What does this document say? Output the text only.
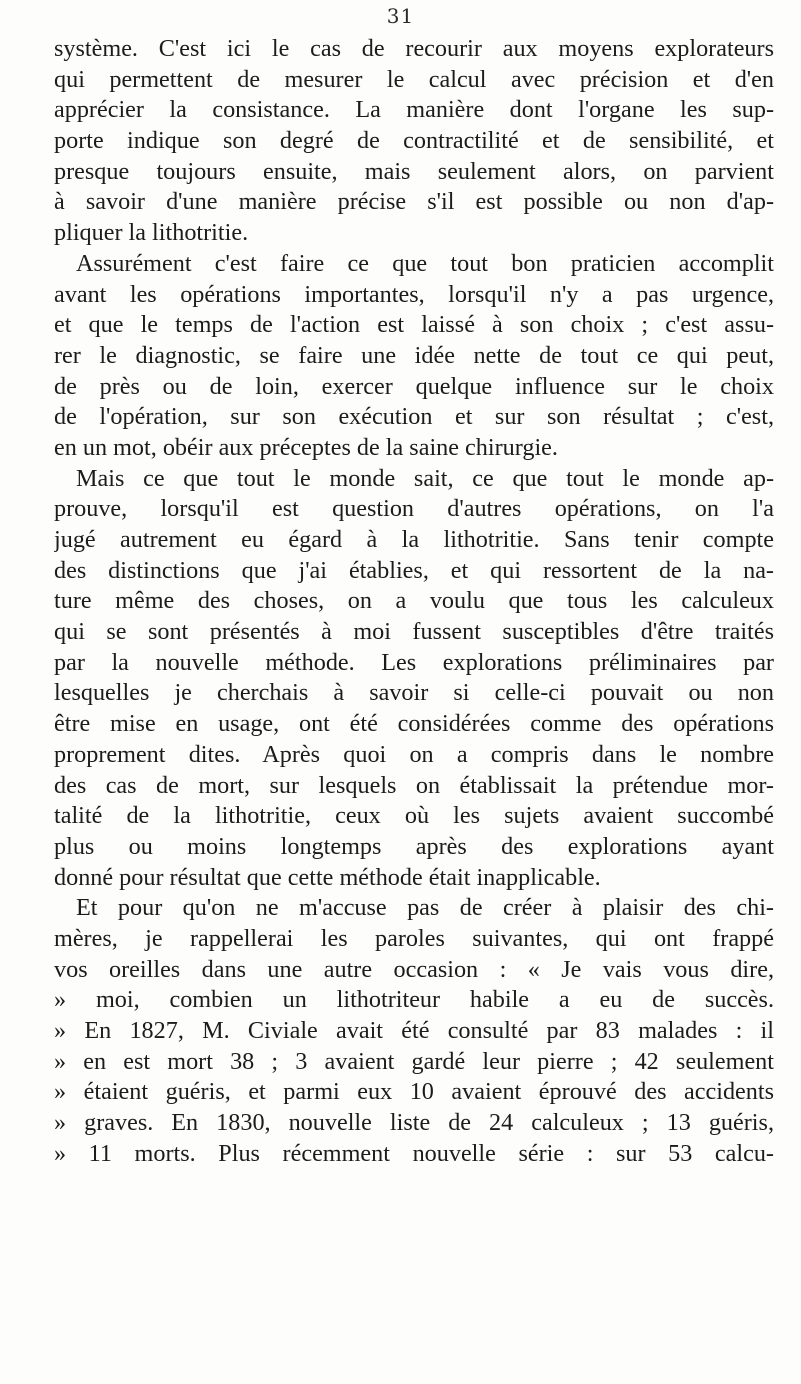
31
système. C'est ici le cas de recourir aux moyens explorateurs
qui permettent de mesurer le calcul avec précision et d'en
apprécier la consistance. La manière dont l'organe les sup-
porte indique son degré de contractilité et de sensibilité, et
presque toujours ensuite, mais seulement alors, on parvient
à savoir d'une manière précise s'il est possible ou non d'ap-
pliquer la lithotritie.
Assurément c'est faire ce que tout bon praticien accomplit
avant les opérations importantes, lorsqu'il n'y a pas urgence,
et que le temps de l'action est laissé à son choix ; c'est assu-
rer le diagnostic, se faire une idée nette de tout ce qui peut,
de près ou de loin, exercer quelque influence sur le choix
de l'opération, sur son exécution et sur son résultat ; c'est,
en un mot, obéir aux préceptes de la saine chirurgie.
Mais ce que tout le monde sait, ce que tout le monde ap-
prouve, lorsqu'il est question d'autres opérations, on l'a
jugé autrement eu égard à la lithotritie. Sans tenir compte
des distinctions que j'ai établies, et qui ressortent de la na-
ture même des choses, on a voulu que tous les calculeux
qui se sont présentés à moi fussent susceptibles d'être traités
par la nouvelle méthode. Les explorations préliminaires par
lesquelles je cherchais à savoir si celle-ci pouvait ou non
être mise en usage, ont été considérées comme des opérations
proprement dites. Après quoi on a compris dans le nombre
des cas de mort, sur lesquels on établissait la prétendue mor-
talité de la lithotritie, ceux où les sujets avaient succombé
plus ou moins longtemps après des explorations ayant
donné pour résultat que cette méthode était inapplicable.
Et pour qu'on ne m'accuse pas de créer à plaisir des chi-
mères, je rappellerai les paroles suivantes, qui ont frappé
vos oreilles dans une autre occasion : « Je vais vous dire,
» moi, combien un lithotriteur habile a eu de succès.
» En 1827, M. Civiale avait été consulté par 83 malades : il
» en est mort 38 ; 3 avaient gardé leur pierre ; 42 seulement
» étaient guéris, et parmi eux 10 avaient éprouvé des accidents
» graves. En 1830, nouvelle liste de 24 calculeux ; 13 guéris,
» 11 morts. Plus récemment nouvelle série : sur 53 calcu-
